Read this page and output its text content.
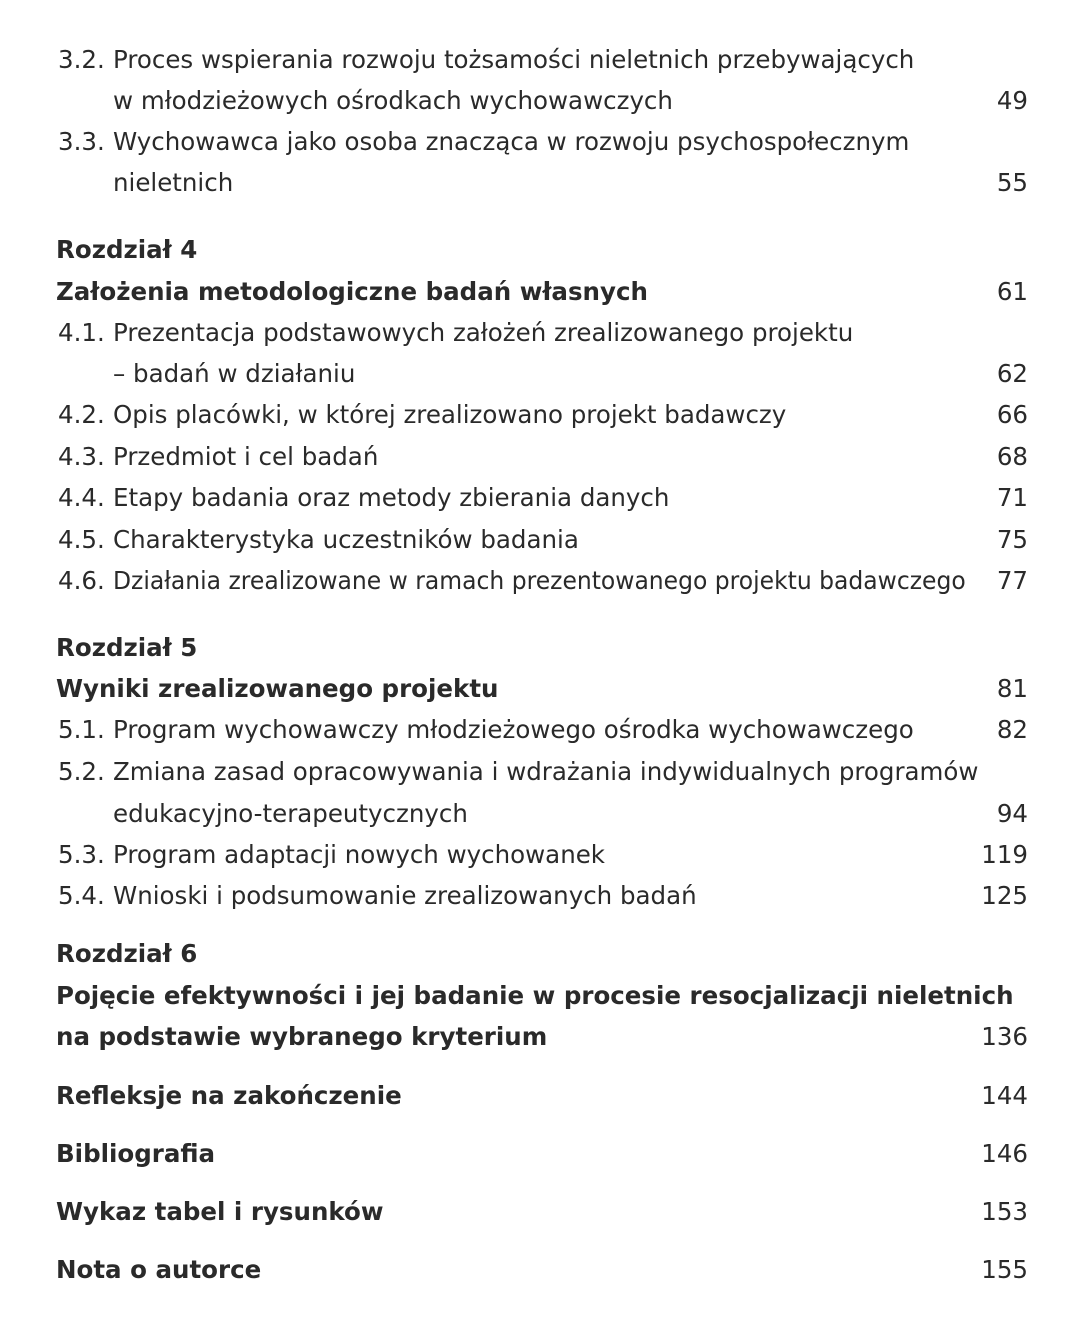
3.2. Proces wspierania rozwoju tożsamości nieletnich przebywających
w młodzieżowych ośrodkach wychowawczych	49
3.3. Wychowawca jako osoba znacząca w rozwoju psychospołecznym
nieletnich	55
Rozdział 4
Założenia metodologiczne badań własnych	61
4.1. Prezentacja podstawowych założeń zrealizowanego projektu
– badań w działaniu	62
4.2. Opis placówki, w której zrealizowano projekt badawczy	66
4.3. Przedmiot i cel badań	68
4.4. Etapy badania oraz metody zbierania danych	71
4.5. Charakterystyka uczestników badania	75
4.6. Działania zrealizowane w ramach prezentowanego projektu badawczego 77
Rozdział 5
Wyniki zrealizowanego projektu	81
5.1. Program wychowawczy młodzieżowego ośrodka wychowawczego	82
5.2. Zmiana zasad opracowywania i wdrażania indywidualnych programów
edukacyjno-terapeutycznych	94
5.3. Program adaptacji nowych wychowanek	119
5.4. Wnioski i podsumowanie zrealizowanych badań	125
Rozdział 6
Pojęcie efektywności i jej badanie w procesie resocjalizacji nieletnich
na podstawie wybranego kryterium	136
Refleksje na zakończenie	144
Bibliografia	146
Wykaz tabel i rysunków	153
Nota o autorce	155
